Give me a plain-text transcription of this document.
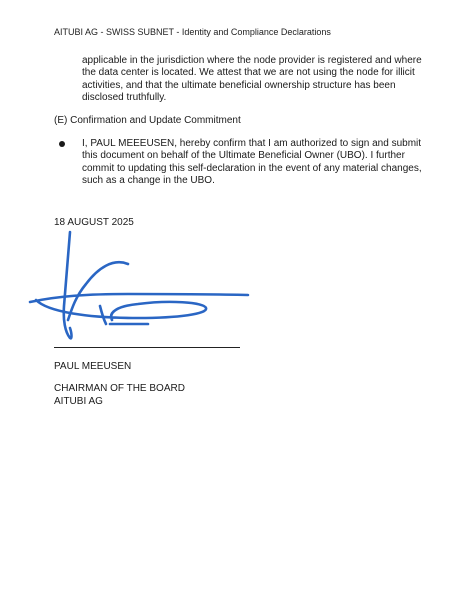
AITUBI AG - SWISS SUBNET - Identity and Compliance Declarations
applicable in the jurisdiction where the node provider is registered and where the data center is located. We attest that we are not using the node for illicit activities, and that the ultimate beneficial ownership structure has been disclosed truthfully.
(E) Confirmation and Update Commitment
I, PAUL MEEEUSEN, hereby confirm that I am authorized to sign and submit this document on behalf of the Ultimate Beneficial Owner (UBO). I further commit to updating this self-declaration in the event of any material changes, such as a change in the UBO.
18 AUGUST 2025
PAUL MEEUSEN
CHAIRMAN OF THE BOARD
AITUBI AG
